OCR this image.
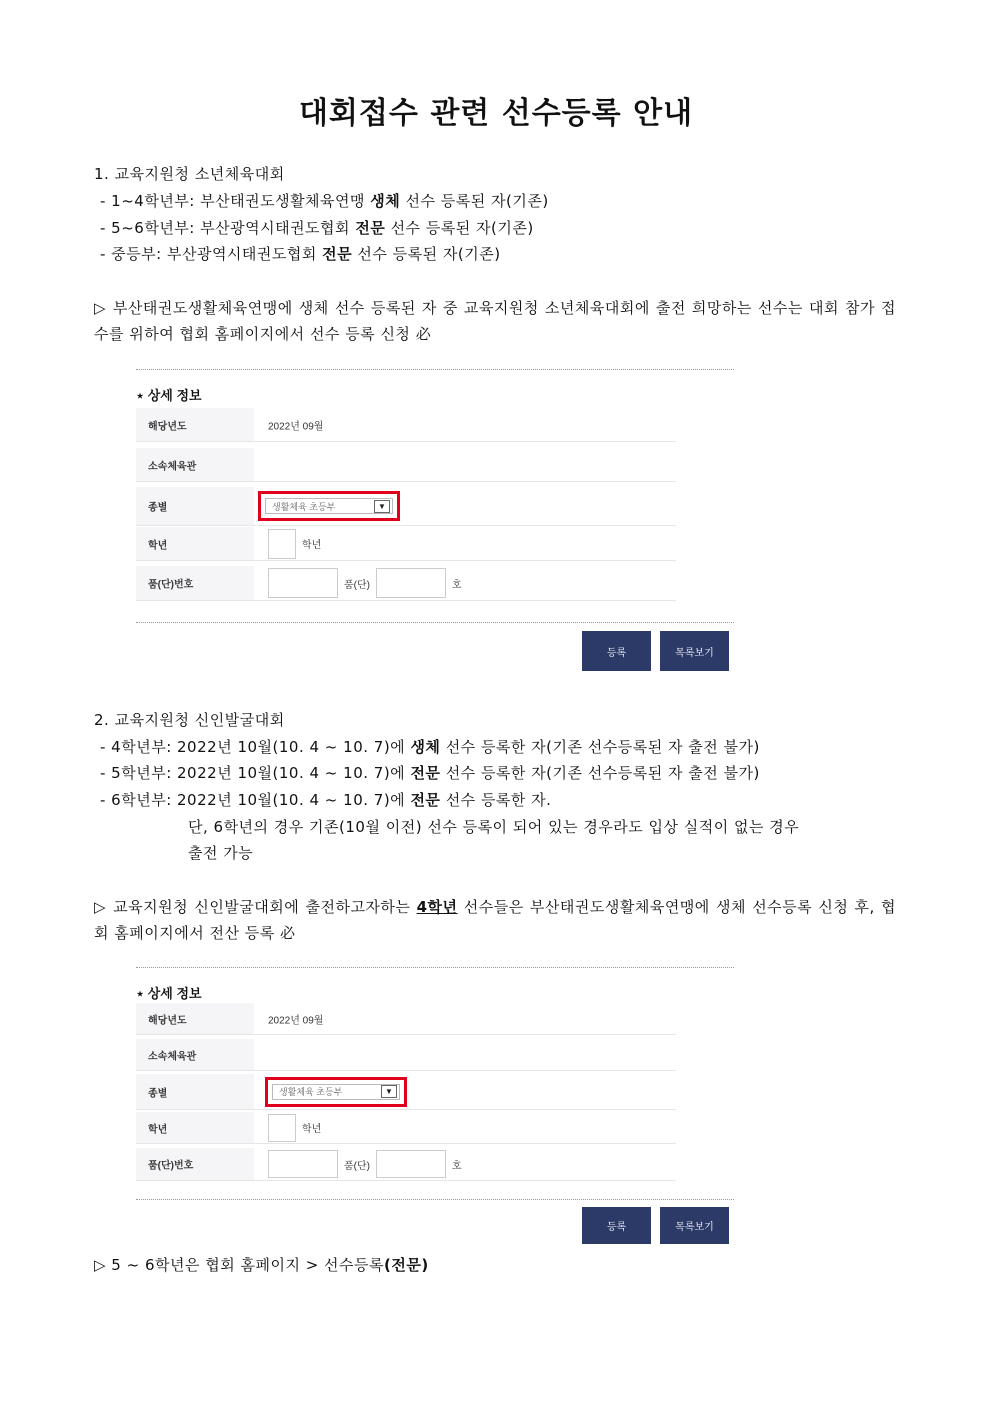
대회접수 관련 선수등록 안내
1. 교육지원청 소년체육대회
- 1~4학년부: 부산태권도생활체육연맹 생체 선수 등록된 자(기존)
- 5~6학년부: 부산광역시태권도협회 전문 선수 등록된 자(기존)
- 중등부: 부산광역시태권도협회 전문 선수 등록된 자(기존)
▷ 부산태권도생활체육연맹에 생체 선수 등록된 자 중 교육지원청 소년체육대회에 출전 희망하는 선수는 대회 참가 접수를 위하여 협회 홈페이지에서 선수 등록 신청 必
⋆ 상세 정보
해당년도	2022년 09월
소속체육관
종별	생활체육 초등부	▼
학년	학년
품(단)번호	품(단)	호
등록	목록보기
2. 교육지원청 신인발굴대회
- 4학년부: 2022년 10월(10. 4 ~ 10. 7)에 생체 선수 등록한 자(기존 선수등록된 자 출전 불가)
- 5학년부: 2022년 10월(10. 4 ~ 10. 7)에 전문 선수 등록한 자(기존 선수등록된 자 출전 불가)
- 6학년부: 2022년 10월(10. 4 ~ 10. 7)에 전문 선수 등록한 자.
단, 6학년의 경우 기존(10월 이전) 선수 등록이 되어 있는 경우라도 입상 실적이 없는 경우
출전 가능
▷ 교육지원청 신인발굴대회에 출전하고자하는 4학년 선수들은 부산태권도생활체육연맹에 생체 선수등록 신청 후, 협회 홈페이지에서 전산 등록 必
⋆ 상세 정보
해당년도	2022년 09월
소속체육관
종별	생활체육 초등부	▼
학년	학년
품(단)번호	품(단)	호
등록	목록보기
▷ 5 ~ 6학년은 협회 홈페이지 > 선수등록(전문)
